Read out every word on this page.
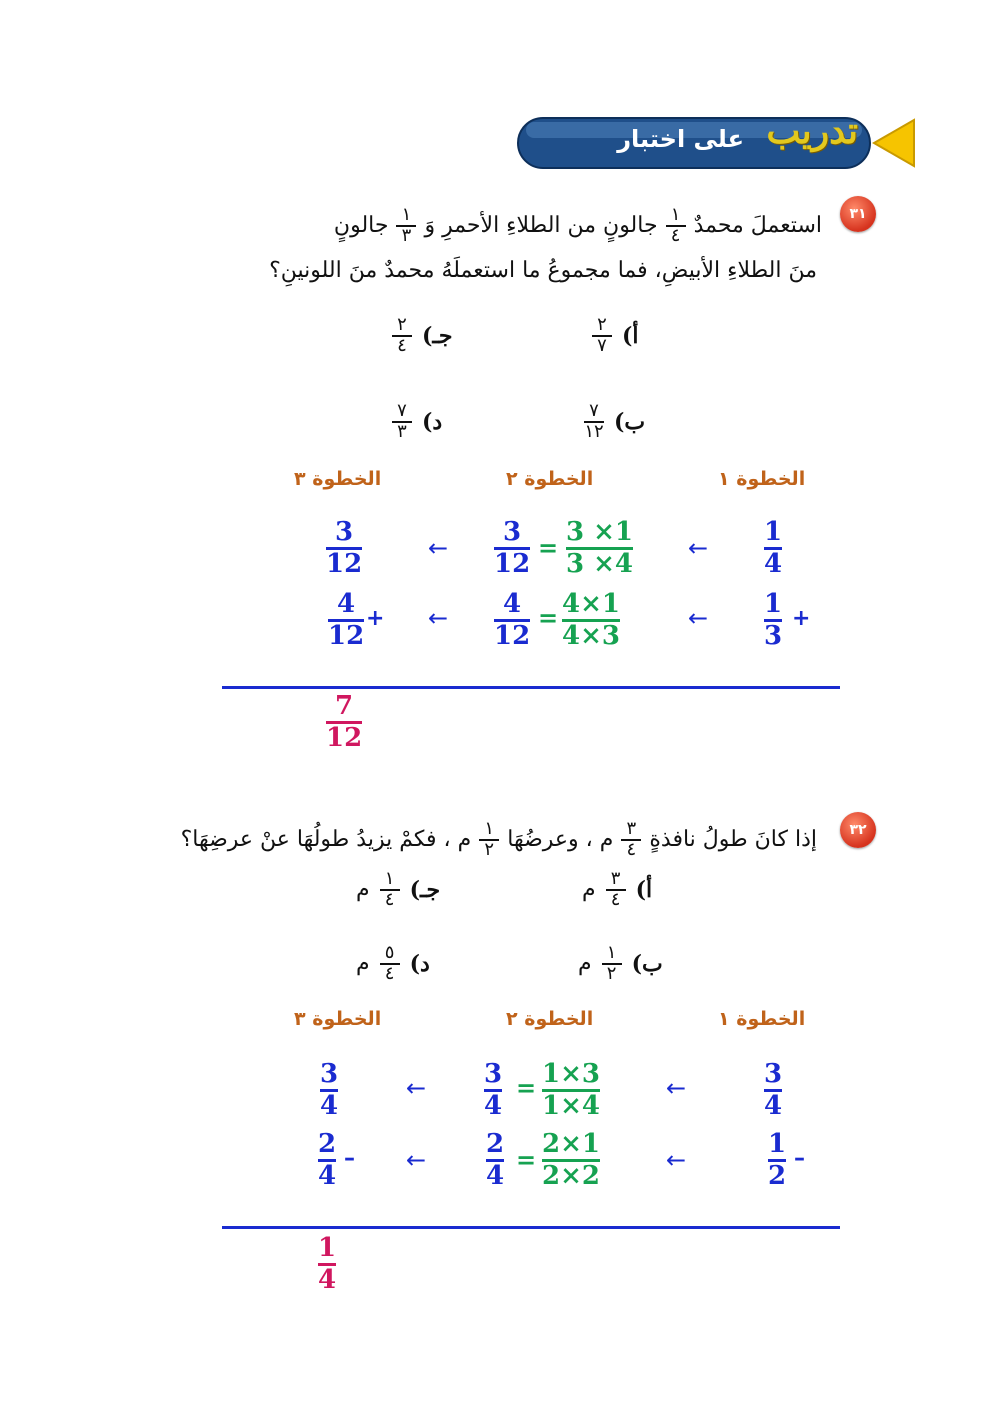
على اختبار تدريب
٣١
استعملَ محمدٌ
١
٤
جالونٍ من الطلاءِ الأحمرِ وَ
١
٣
جالونٍ
منَ الطلاءِ الأبيضِ، فما مجموعُ ما استعملَهُ محمدٌ منَ اللونينِ؟
أ)
٢
٧
جـ)
٢
٤
ب)
٧
١٢
د)
٧
٣
الخطوة ١
الخطوة ٢
الخطوة ٣
1
4
←
3 ×1
3 ×4
=
3
12
←
3
12
1
3
+
←
4×1
4×3
=
4
12
←
4
12
+
7
12
٣٢
إذا كانَ طولُ نافذةٍ
٣
٤
م ، وعرضُهَا
١
٢
م ، فكمْ يزيدُ طولُهَا عنْ عرضِهَا؟
أ)
٣
٤
م
جـ)
١
٤
م
ب)
١
٢
م
د)
٥
٤
م
الخطوة ١
الخطوة ٢
الخطوة ٣
3
4
←
1×3
1×4
=
3
4
←
3
4
1
2
–
←
2×1
2×2
=
2
4
←
2
4
–
1
4
